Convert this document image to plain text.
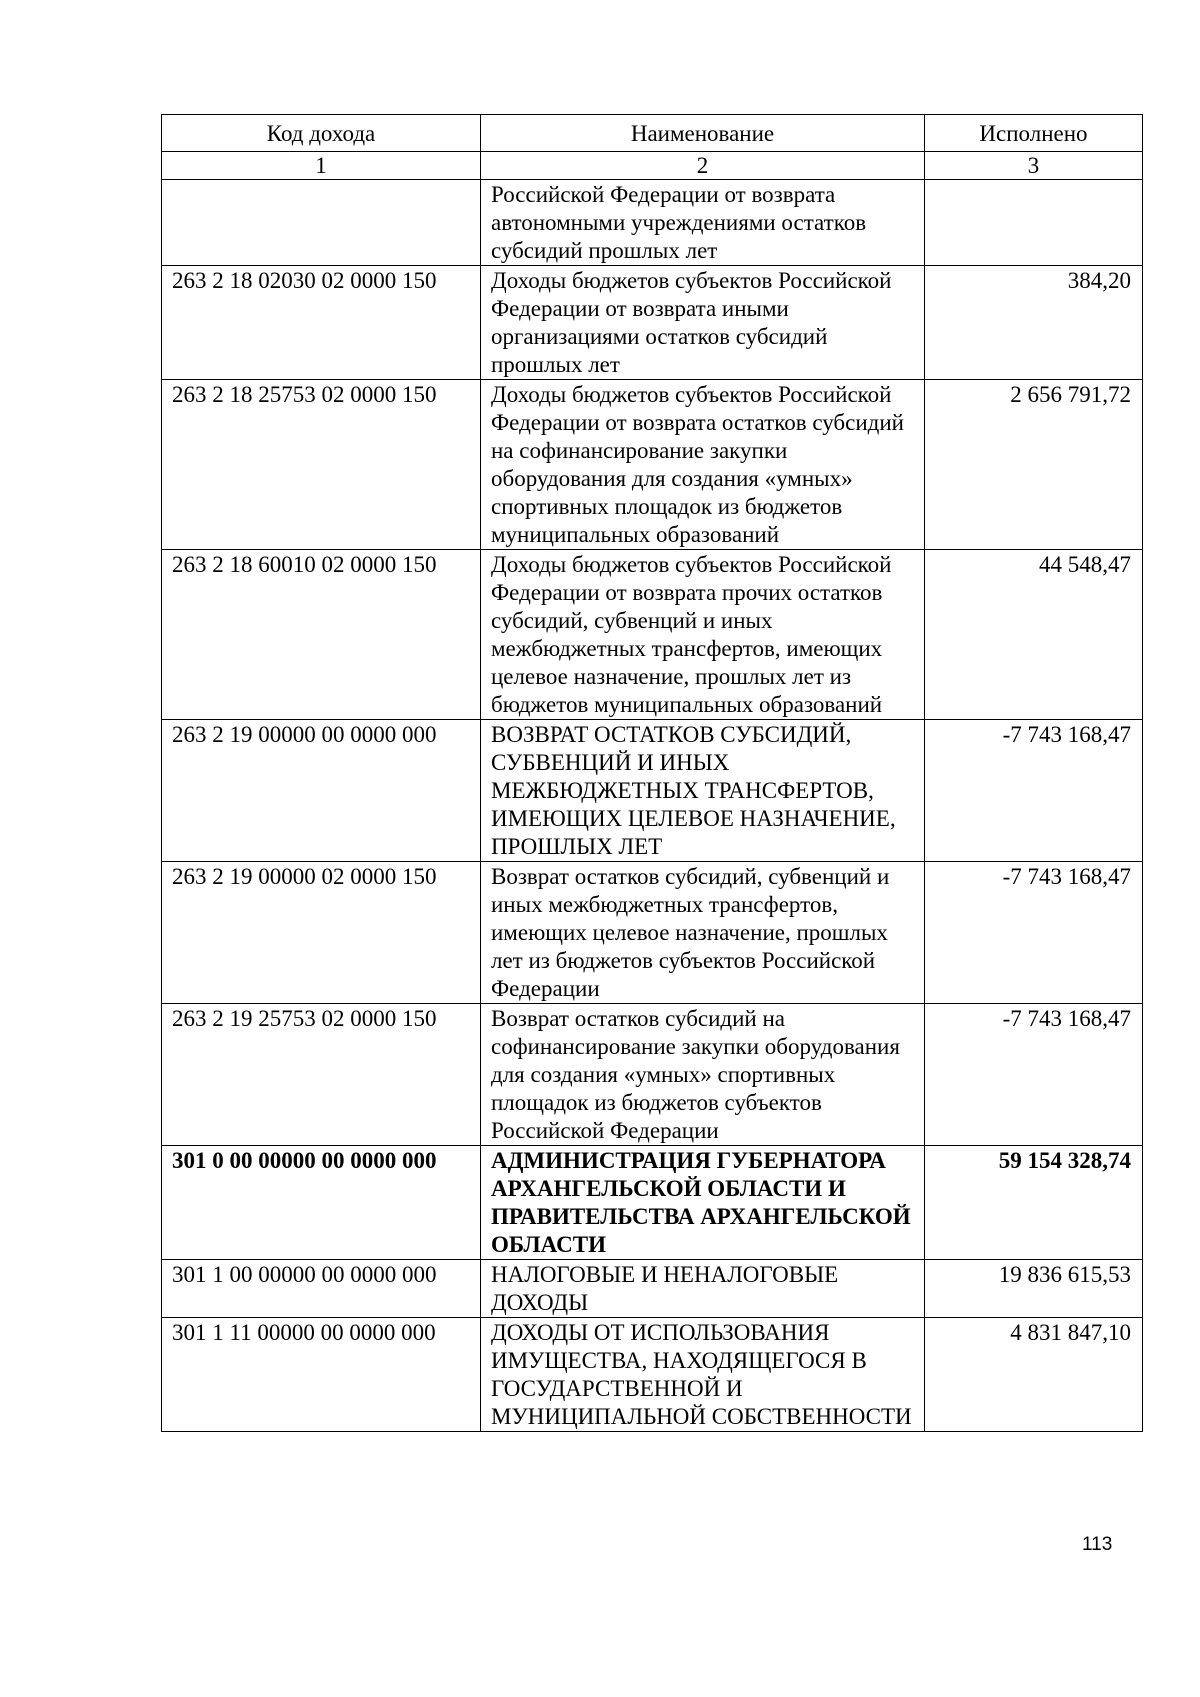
Код дохода	Наименование	Исполнено
1	2	3
	Российской Федерации от возврата автономными учреждениями остатков субсидий прошлых лет	
263 2 18 02030 02 0000 150	Доходы бюджетов субъектов Российской Федерации от возврата иными организациями остатков субсидий прошлых лет	384,20
263 2 18 25753 02 0000 150	Доходы бюджетов субъектов Российской Федерации от возврата остатков субсидий на софинансирование закупки оборудования для создания «умных» спортивных площадок из бюджетов муниципальных образований	2 656 791,72
263 2 18 60010 02 0000 150	Доходы бюджетов субъектов Российской Федерации от возврата прочих остатков субсидий, субвенций и иных межбюджетных трансфертов, имеющих целевое назначение, прошлых лет из бюджетов муниципальных образований	44 548,47
263 2 19 00000 00 0000 000	ВОЗВРАТ ОСТАТКОВ СУБСИДИЙ, СУБВЕНЦИЙ И ИНЫХ МЕЖБЮДЖЕТНЫХ ТРАНСФЕРТОВ, ИМЕЮЩИХ ЦЕЛЕВОЕ НАЗНАЧЕНИЕ, ПРОШЛЫХ ЛЕТ	-7 743 168,47
263 2 19 00000 02 0000 150	Возврат остатков субсидий, субвенций и иных межбюджетных трансфертов, имеющих целевое назначение, прошлых лет из бюджетов субъектов Российской Федерации	-7 743 168,47
263 2 19 25753 02 0000 150	Возврат остатков субсидий на софинансирование закупки оборудования для создания «умных» спортивных площадок из бюджетов субъектов Российской Федерации	-7 743 168,47
301 0 00 00000 00 0000 000	АДМИНИСТРАЦИЯ ГУБЕРНАТОРА АРХАНГЕЛЬСКОЙ ОБЛАСТИ И ПРАВИТЕЛЬСТВА АРХАНГЕЛЬСКОЙ ОБЛАСТИ	59 154 328,74
301 1 00 00000 00 0000 000	НАЛОГОВЫЕ И НЕНАЛОГОВЫЕ ДОХОДЫ	19 836 615,53
301 1 11 00000 00 0000 000	ДОХОДЫ ОТ ИСПОЛЬЗОВАНИЯ ИМУЩЕСТВА, НАХОДЯЩЕГОСЯ В ГОСУДАРСТВЕННОЙ И МУНИЦИПАЛЬНОЙ СОБСТВЕННОСТИ	4 831 847,10
113
